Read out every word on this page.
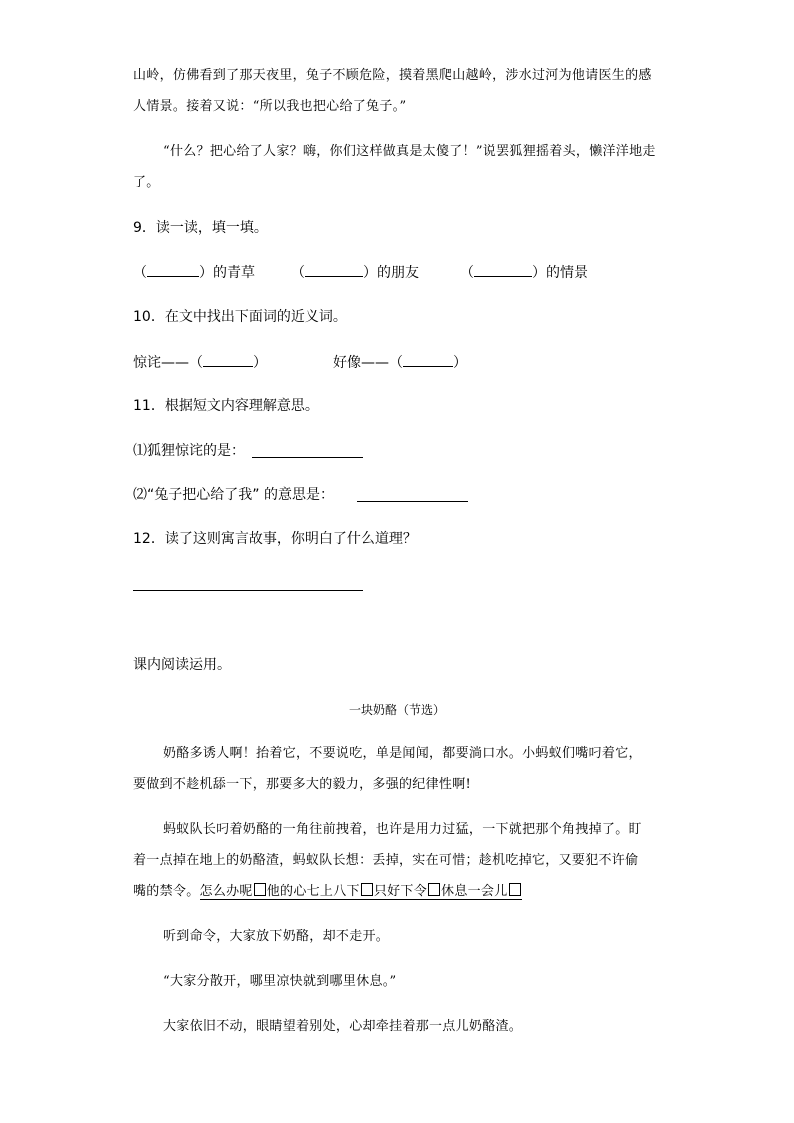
山岭，仿佛看到了那天夜里，兔子不顾危险，摸着黑爬山越岭，涉水过河为他请医生的感
人情景。接着又说：“所以我也把心给了兔子。”
“什么？把心给了人家？嗨，你们这样做真是太傻了！”说罢狐狸摇着头，懒洋洋地走
了。
9．读一读，填一填。
（	）的青草	（	）的朋友	（	）的情景
10．在文中找出下面词的近义词。
惊诧——（	）	好像——（	）
11．根据短文内容理解意思。
⑴狐狸惊诧的是：
⑵“兔子把心给了我” 的意思是：
12．读了这则寓言故事，你明白了什么道理？
课内阅读运用。
一块奶酪（节选）
奶酪多诱人啊！抬着它，不要说吃，单是闻闻，都要淌口水。小蚂蚁们嘴叼着它，
要做到不趁机舔一下，那要多大的毅力，多强的纪律性啊!
蚂蚁队长叼着奶酪的一角往前拽着，也许是用力过猛，一下就把那个角拽掉了。盯
着一点掉在地上的奶酪渣，蚂蚁队长想：丢掉，实在可惜；趁机吃掉它，又要犯不许偷
嘴的禁令。怎么办呢 他的心七上八下 只好下令 休息一会儿
听到命令，大家放下奶酪，却不走开。
“大家分散开，哪里凉快就到哪里休息。”
大家依旧不动，眼睛望着别处，心却牵挂着那一点儿奶酪渣。
